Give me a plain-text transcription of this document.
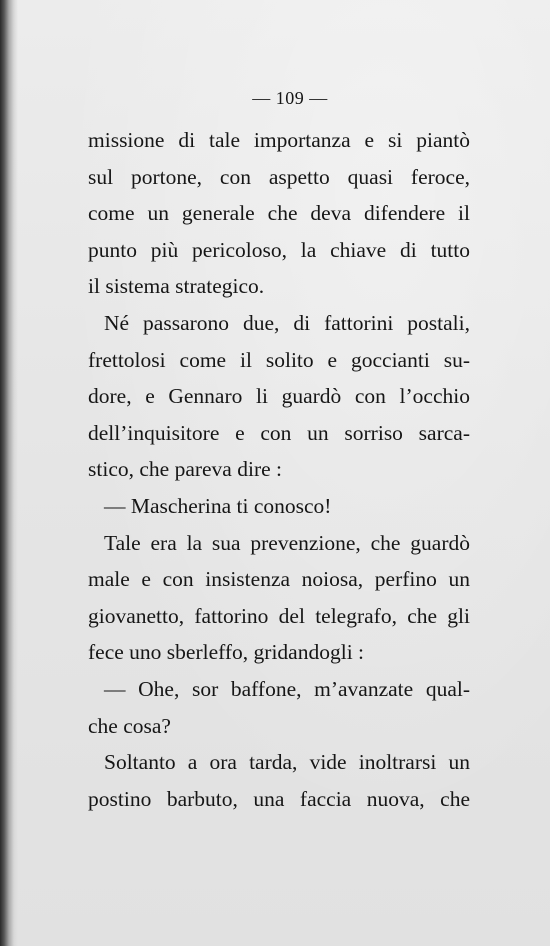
— 109 —
missione di tale importanza e si piantò
sul portone, con aspetto quasi feroce,
come un generale che deva difendere il
punto più pericoloso, la chiave di tutto
il sistema strategico.
Né passarono due, di fattorini postali,
frettolosi come il solito e goccianti su-
dore, e Gennaro li guardò con l’occhio
dell’inquisitore e con un sorriso sarca-
stico, che pareva dire :
— Mascherina ti conosco!
Tale era la sua prevenzione, che guardò
male e con insistenza noiosa, perfino un
giovanetto, fattorino del telegrafo, che gli
fece uno sberleffo, gridandogli :
— Ohe, sor baffone, m’avanzate qual-
che cosa?
Soltanto a ora tarda, vide inoltrarsi un
postino barbuto, una faccia nuova, che
